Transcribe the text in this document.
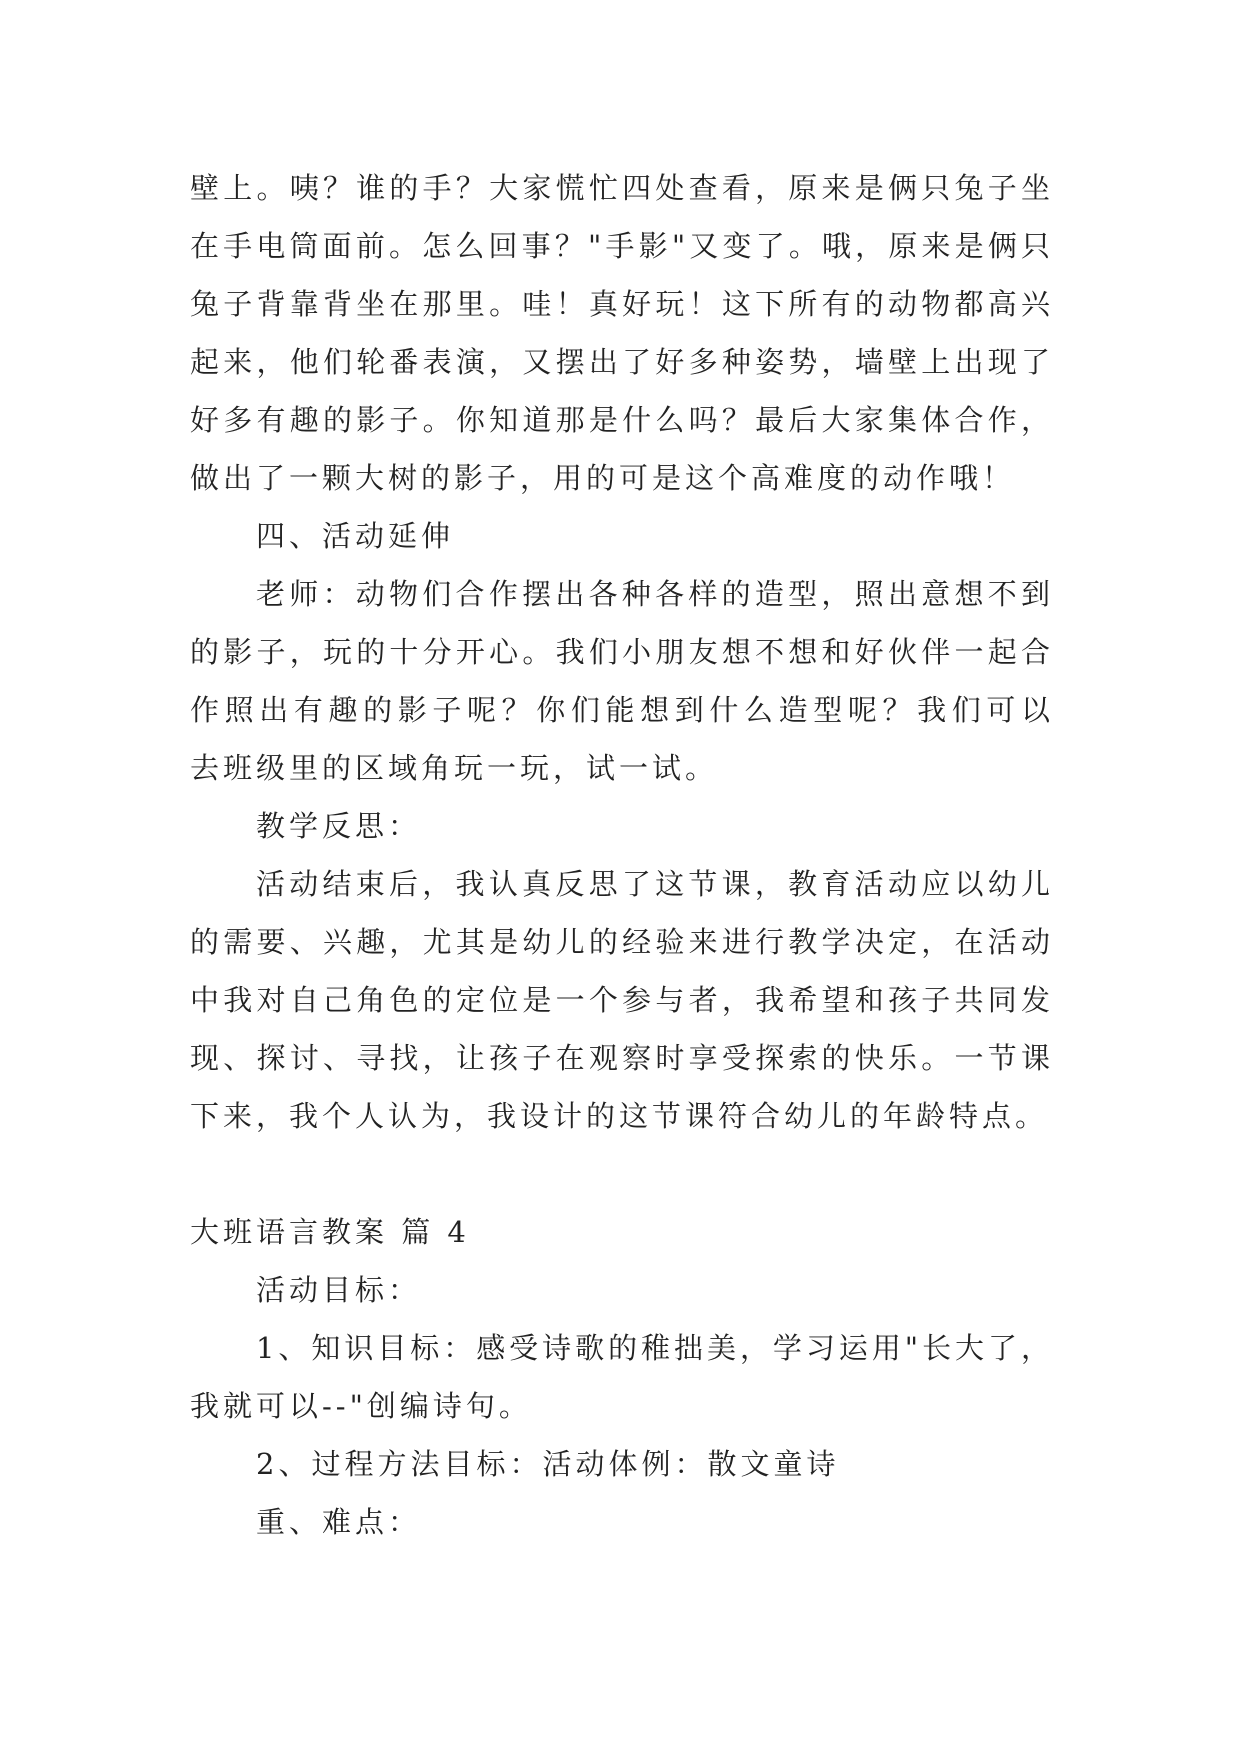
壁上。咦？谁的手？大家慌忙四处查看，原来是俩只兔子坐
在手电筒面前。怎么回事？"手影"又变了。哦，原来是俩只
兔子背靠背坐在那里。哇！真好玩！这下所有的动物都高兴
起来，他们轮番表演，又摆出了好多种姿势，墙壁上出现了
好多有趣的影子。你知道那是什么吗？最后大家集体合作，
做出了一颗大树的影子，用的可是这个高难度的动作哦！
四、活动延伸
老师：动物们合作摆出各种各样的造型，照出意想不到
的影子，玩的十分开心。我们小朋友想不想和好伙伴一起合
作照出有趣的影子呢？你们能想到什么造型呢？我们可以
去班级里的区域角玩一玩，试一试。
教学反思：
活动结束后，我认真反思了这节课，教育活动应以幼儿
的需要、兴趣，尤其是幼儿的经验来进行教学决定，在活动
中我对自己角色的定位是一个参与者，我希望和孩子共同发
现、探讨、寻找，让孩子在观察时享受探索的快乐。一节课
下来，我个人认为，我设计的这节课符合幼儿的年龄特点。
大班语言教案 篇 4
活动目标：
1、知识目标：感受诗歌的稚拙美，学习运用"长大了，
我就可以--"创编诗句。
2、过程方法目标：活动体例：散文童诗
重、难点：
